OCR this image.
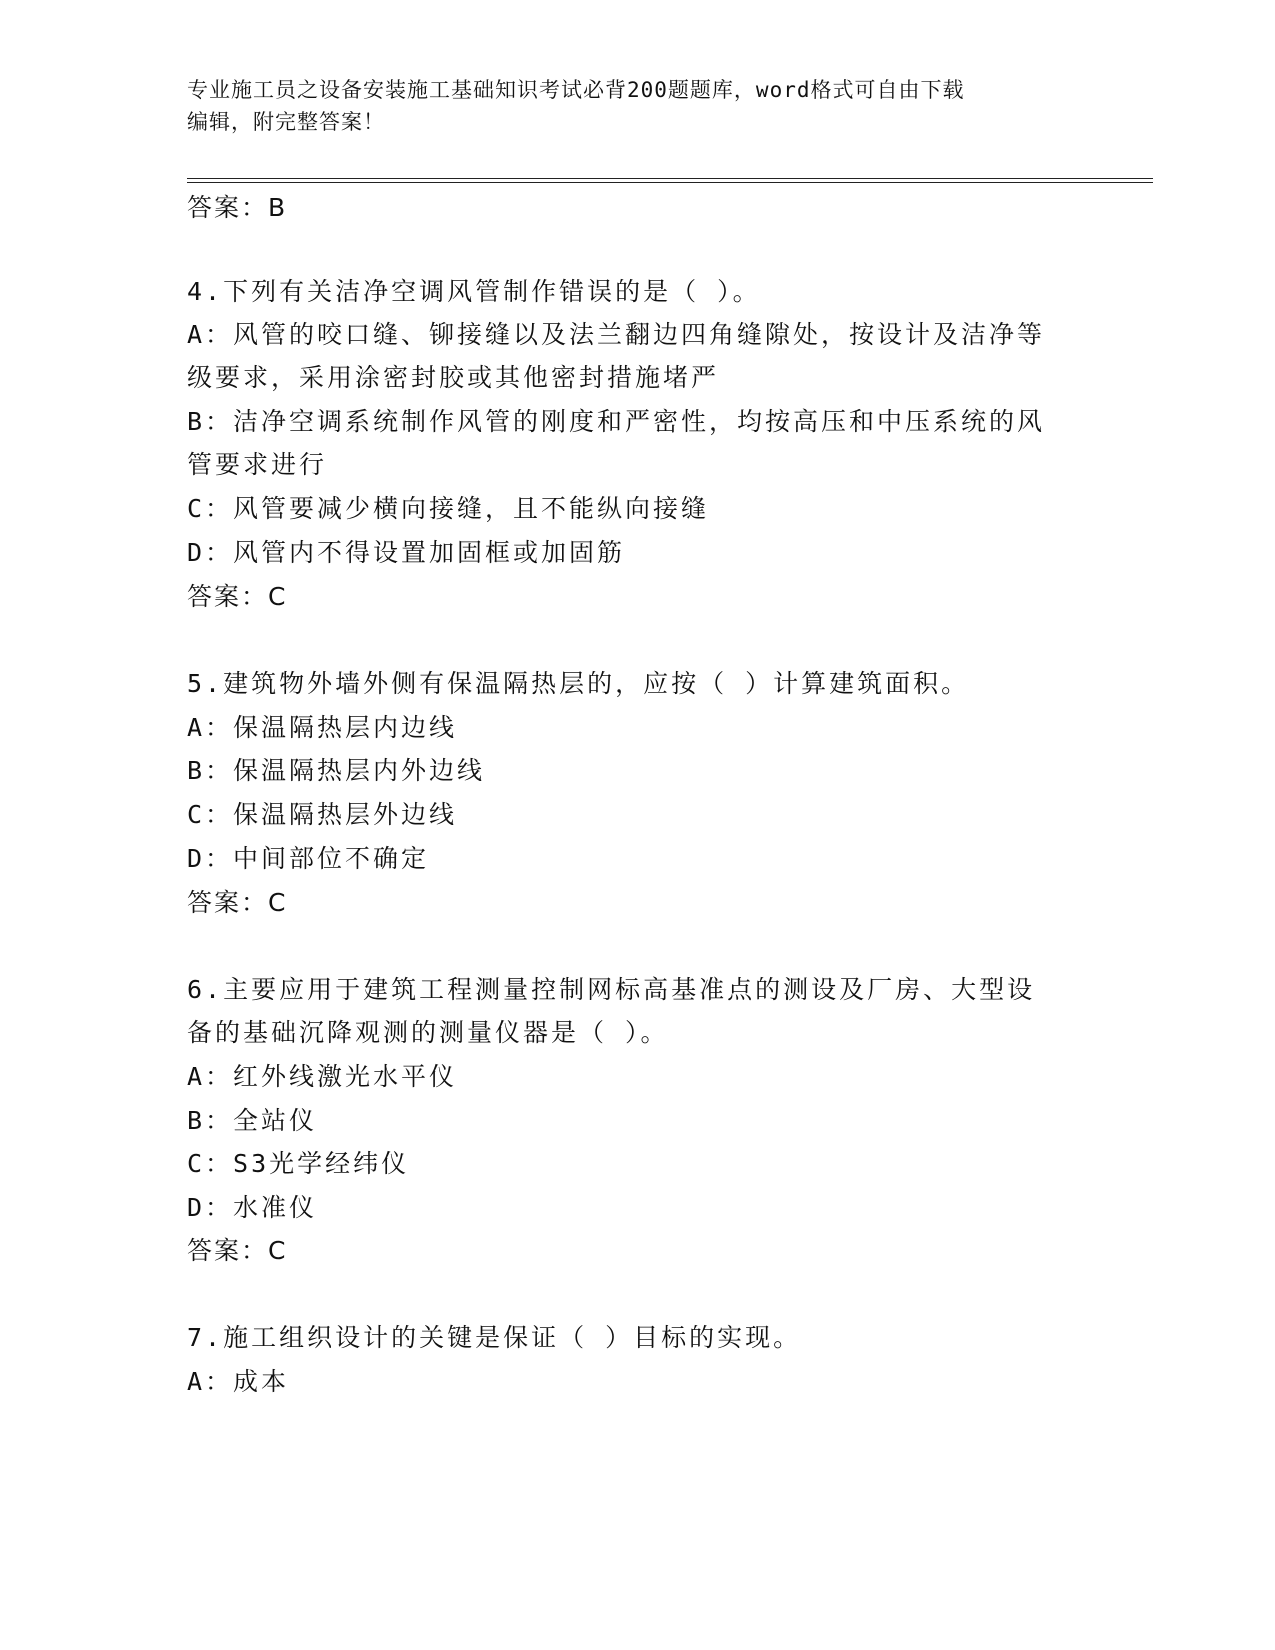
专业施工员之设备安装施工基础知识考试必背200题题库，word格式可自由下载
编辑，附完整答案！
答案：B
4.下列有关洁净空调风管制作错误的是（ ）。
A：风管的咬口缝、铆接缝以及法兰翻边四角缝隙处，按设计及洁净等
级要求，采用涂密封胶或其他密封措施堵严
B：洁净空调系统制作风管的刚度和严密性，均按高压和中压系统的风
管要求进行
C：风管要减少横向接缝，且不能纵向接缝
D：风管内不得设置加固框或加固筋
答案：C
5.建筑物外墙外侧有保温隔热层的，应按（ ）计算建筑面积。
A：保温隔热层内边线
B：保温隔热层内外边线
C：保温隔热层外边线
D：中间部位不确定
答案：C
6.主要应用于建筑工程测量控制网标高基准点的测设及厂房、大型设
备的基础沉降观测的测量仪器是（ ）。
A：红外线激光水平仪
B：全站仪
C：S3光学经纬仪
D：水准仪
答案：C
7.施工组织设计的关键是保证（ ）目标的实现。
A：成本
